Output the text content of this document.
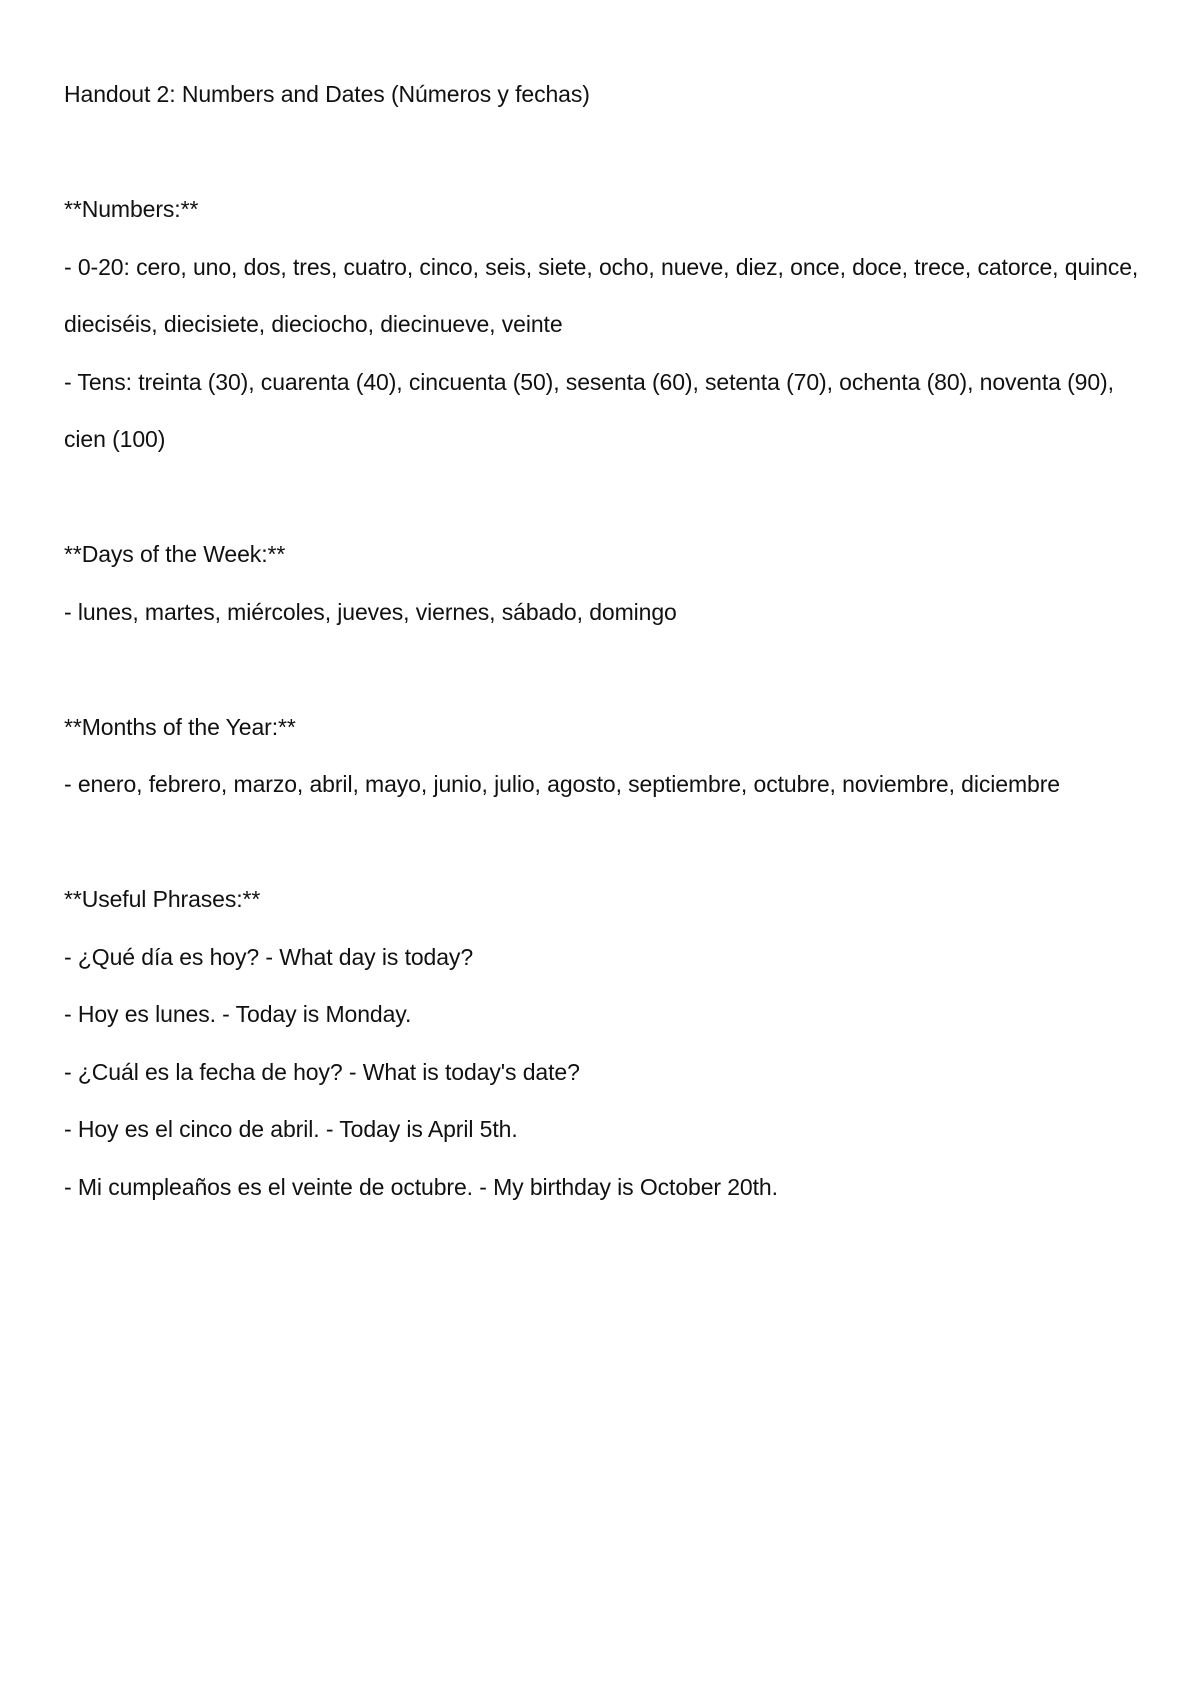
Handout 2: Numbers and Dates (Números y fechas)
**Numbers:**
- 0-20: cero, uno, dos, tres, cuatro, cinco, seis, siete, ocho, nueve, diez, once, doce, trece, catorce, quince, dieciséis, diecisiete, dieciocho, diecinueve, veinte
- Tens: treinta (30), cuarenta (40), cincuenta (50), sesenta (60), setenta (70), ochenta (80), noventa (90), cien (100)
**Days of the Week:**
- lunes, martes, miércoles, jueves, viernes, sábado, domingo
**Months of the Year:**
- enero, febrero, marzo, abril, mayo, junio, julio, agosto, septiembre, octubre, noviembre, diciembre
**Useful Phrases:**
- ¿Qué día es hoy? - What day is today?
- Hoy es lunes. - Today is Monday.
- ¿Cuál es la fecha de hoy? - What is today's date?
- Hoy es el cinco de abril. - Today is April 5th.
- Mi cumpleaños es el veinte de octubre. - My birthday is October 20th.
